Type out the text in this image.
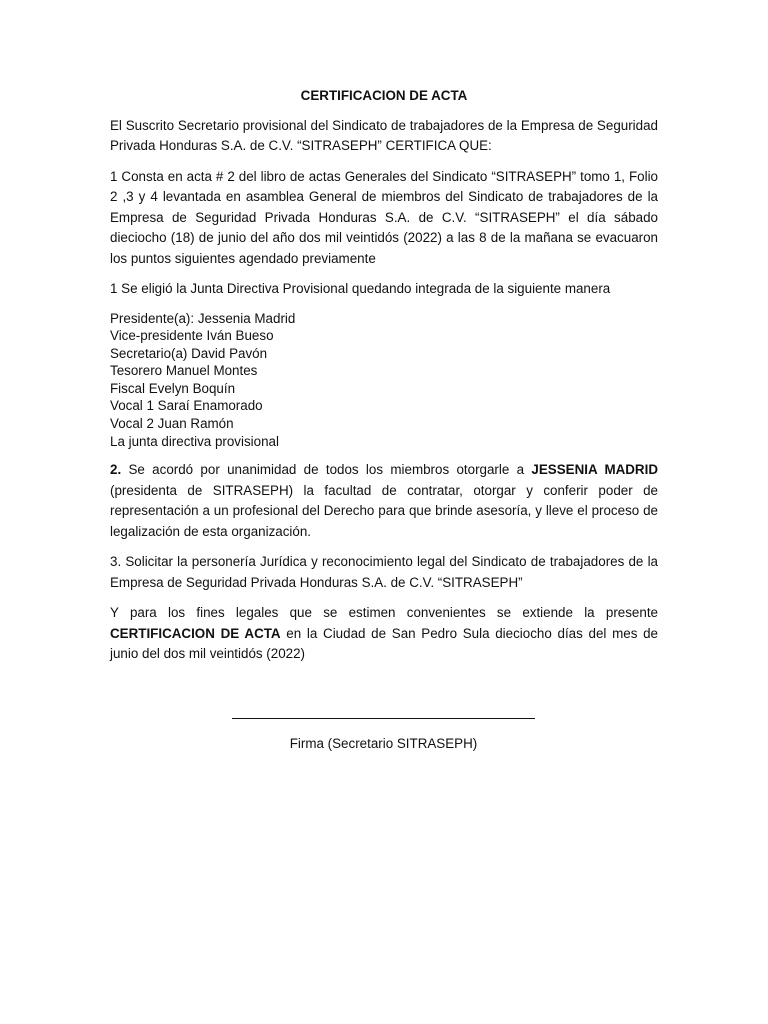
CERTIFICACION DE ACTA

El Suscrito Secretario provisional del Sindicato de trabajadores de la Empresa de Seguridad Privada Honduras S.A. de C.V. “SITRASEPH” CERTIFICA QUE:

1 Consta en acta # 2 del libro de actas Generales del Sindicato “SITRASEPH” tomo 1, Folio 2 ,3 y 4 levantada en asamblea General de miembros del Sindicato de trabajadores de la Empresa de Seguridad Privada Honduras S.A. de C.V. “SITRASEPH” el día sábado dieciocho (18) de junio del año dos mil veintidós (2022) a las 8 de la mañana se evacuaron los puntos siguientes agendado previamente

1 Se eligió la Junta Directiva Provisional quedando integrada de la siguiente manera

Presidente(a): Jessenia Madrid
Vice-presidente Iván Bueso
Secretario(a) David Pavón
Tesorero Manuel Montes
Fiscal Evelyn Boquín
Vocal 1 Saraí Enamorado
Vocal 2 Juan Ramón
La junta directiva provisional

2. Se acordó por unanimidad de todos los miembros otorgarle a JESSENIA MADRID (presidenta de SITRASEPH) la facultad de contratar, otorgar y conferir poder de representación a un profesional del Derecho para que brinde asesoría, y lleve el proceso de legalización de esta organización.

3. Solicitar la personería Jurídica y reconocimiento legal del Sindicato de trabajadores de la Empresa de Seguridad Privada Honduras S.A. de C.V. “SITRASEPH”

Y para los fines legales que se estimen convenientes se extiende la presente CERTIFICACION DE ACTA en la Ciudad de San Pedro Sula dieciocho días del mes de junio del dos mil veintidós (2022)

Firma (Secretario SITRASEPH)
